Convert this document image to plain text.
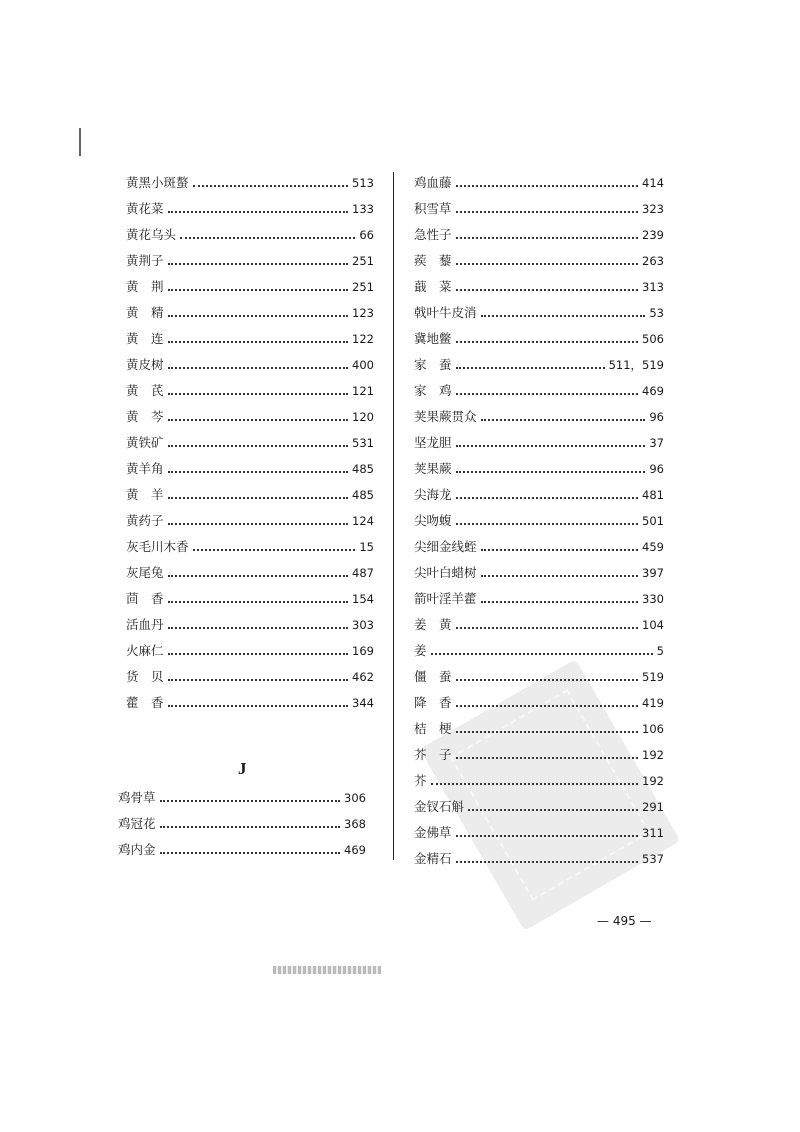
黄黑小斑螯	513
黄花菜	133
黄花乌头	66
黄荆子	251
黄　荆	251
黄　精	123
黄　连	122
黄皮树	400
黄　芪	121
黄　芩	120
黄铁矿	531
黄羊角	485
黄　羊	485
黄药子	124
灰毛川木香	15
灰尾兔	487
茴　香	154
活血丹	303
火麻仁	169
货　贝	462
藿　香	344
鸡骨草	306
鸡冠花	368
鸡内金	469
鸡血藤	414
积雪草	323
急性子	239
蒺　藜	263
蕺　菜	313
戟叶牛皮消	53
冀地鳖	506
家　蚕	511，519
家　鸡	469
荚果蕨贯众	96
坚龙胆	37
荚果蕨	96
尖海龙	481
尖吻蝮	501
尖细金线蛭	459
尖叶白蜡树	397
箭叶淫羊藿	330
姜　黄	104
姜	5
僵　蚕	519
降　香	419
桔　梗	106
芥　子	192
芥	192
金钗石斛	291
金佛草	311
金精石	537
J
— 495 —
